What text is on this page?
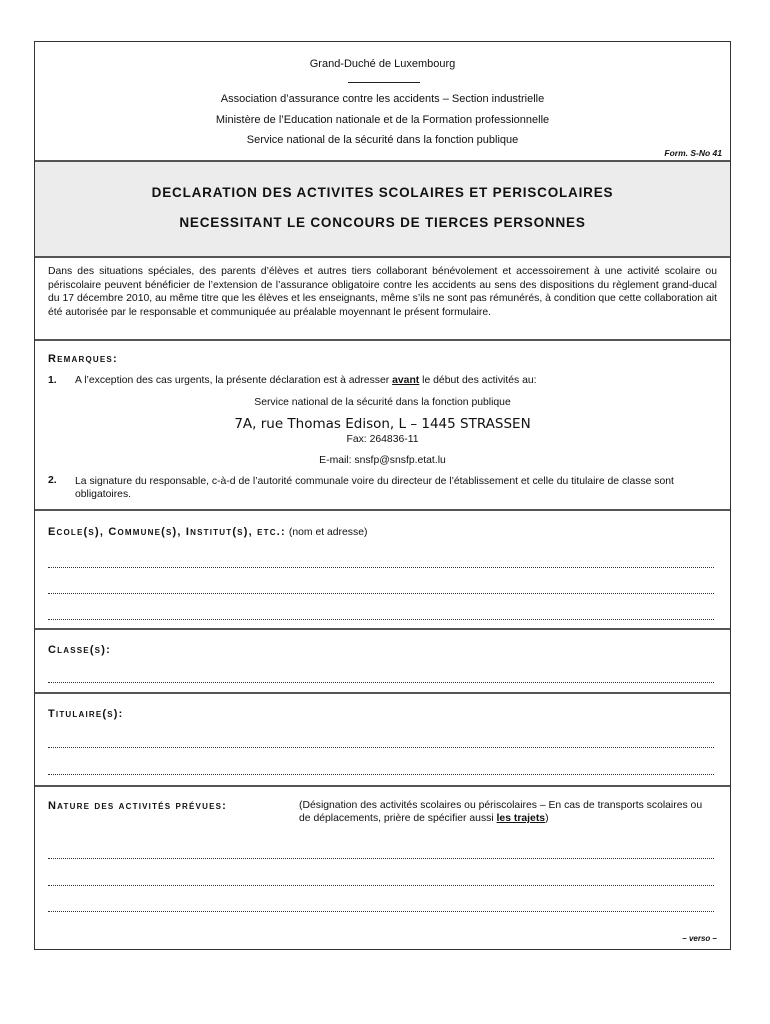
Grand-Duché de Luxembourg
Association d’assurance contre les accidents – Section industrielle
Ministère de l’Education nationale et de la Formation professionnelle
Service national de la sécurité dans la fonction publique
Form. S-No 41
DECLARATION DES ACTIVITES SCOLAIRES ET PERISCOLAIRES
NECESSITANT LE CONCOURS DE TIERCES PERSONNES

Dans des situations spéciales, des parents d’élèves et autres tiers collaborant bénévolement et accessoirement à une activité scolaire ou périscolaire peuvent bénéficier de l’extension de l’assurance obligatoire contre les accidents au sens des dispositions du règlement grand-ducal du 17 décembre 2010, au même titre que les élèves et les enseignants, même s’ils ne sont pas rémunérés, à condition que cette collaboration ait été autorisée par le responsable et communiquée au préalable moyennant le présent formulaire.

Remarques:
1. A l’exception des cas urgents, la présente déclaration est à adresser avant le début des activités au:
Service national de la sécurité dans la fonction publique
7A, rue Thomas Edison, L – 1445 STRASSEN
Fax: 264836-11
E-mail: snsfp@snsfp.etat.lu
2. La signature du responsable, c-à-d de l’autorité communale voire du directeur de l’établissement et celle du titulaire de classe sont obligatoires.
Ecole(s), Commune(s), Institut(s), etc.: (nom et adresse)
Classe(s):
Titulaire(s):
Nature des activités prévues:	(Désignation des activités scolaires ou périscolaires – En cas de transports scolaires ou de déplacements, prière de spécifier aussi les trajets)
– verso –
